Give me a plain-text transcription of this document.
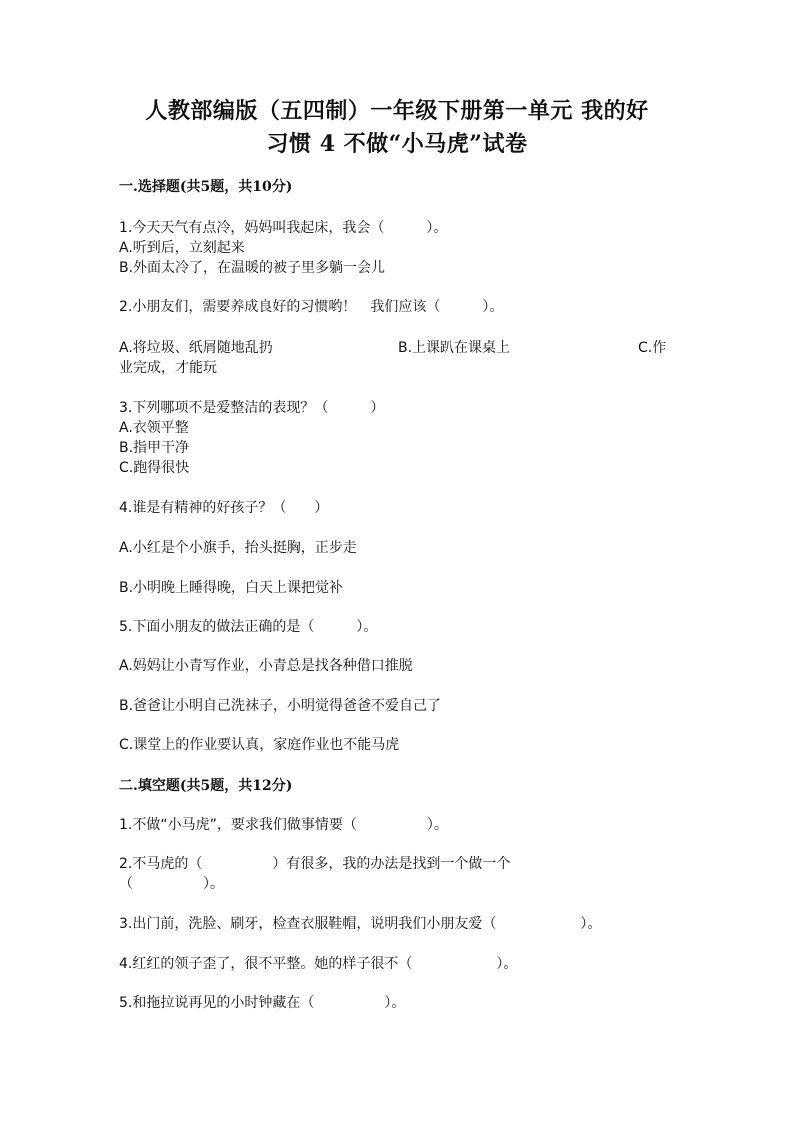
人教部编版（五四制）一年级下册第一单元 我的好
习惯 4 不做“小马虎”试卷
一.选择题(共5题，共10分)
1.今天天气有点冷，妈妈叫我起床，我会（　　　）。
A.听到后，立刻起来
B.外面太冷了，在温暖的被子里多躺一会儿
2.小朋友们，需要养成良好的习惯哟！　我们应该（　　　）。
A.将垃圾、纸屑随地乱扔	B.上课趴在课桌上	C.作
业完成，才能玩
3.下列哪项不是爱整洁的表现？（　　　）
A.衣领平整
B.指甲干净
C.跑得很快
4.谁是有精神的好孩子？（　　）
A.小红是个小旗手，抬头挺胸，正步走
B.小明晚上睡得晚，白天上课把觉补
5.下面小朋友的做法正确的是（　　　）。
A.妈妈让小青写作业，小青总是找各种借口推脱
B.爸爸让小明自己洗袜子，小明觉得爸爸不爱自己了
C.课堂上的作业要认真，家庭作业也不能马虎
二.填空题(共5题，共12分)
1.不做“小马虎”，要求我们做事情要（　　　　　）。
2.不马虎的（　　　　　）有很多，我的办法是找到一个做一个
（　　　　　）。
3.出门前，洗脸、刷牙，检查衣服鞋帽，说明我们小朋友爱（　　　　　　）。
4.红红的领子歪了，很不平整。她的样子很不（　　　　　　）。
5.和拖拉说再见的小时钟藏在（　　　　　）。
